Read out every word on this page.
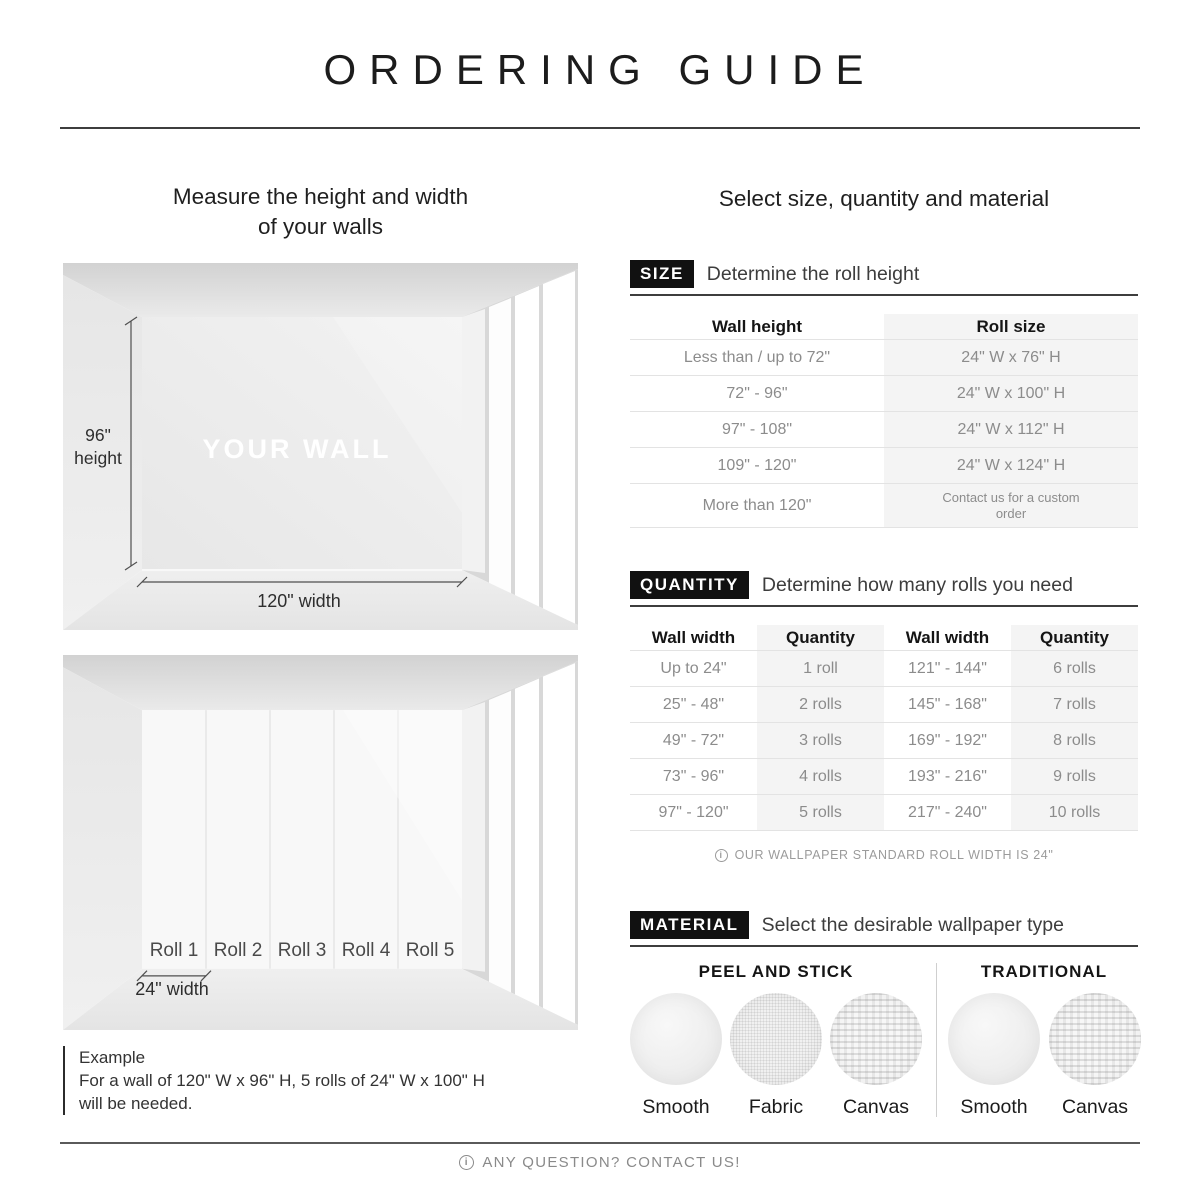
ORDERING GUIDE
Measure the height and width
of your walls
YOUR WALL
96"
height
120" width
Roll 1 Roll 2 Roll 3 Roll 4 Roll 5
24" width
Example
For a wall of 120" W x 96" H, 5 rolls of 24" W x 100" H
will be needed.
Select size, quantity and material
SIZE	Determine the roll height
Wall height	Roll size
Less than / up to 72"	24" W x 76" H
72" - 96"	24" W x 100" H
97" - 108"	24" W x 112" H
109" - 120"	24" W x 124" H
More than 120"	Contact us for a custom order
QUANTITY	Determine how many rolls you need
Wall width	Quantity	Wall width	Quantity
Up to 24"	1 roll	121" - 144"	6 rolls
25" - 48"	2 rolls	145" - 168"	7 rolls
49" - 72"	3 rolls	169" - 192"	8 rolls
73" - 96"	4 rolls	193" - 216"	9 rolls
97" - 120"	5 rolls	217" - 240"	10 rolls
i OUR WALLPAPER STANDARD ROLL WIDTH IS 24"
MATERIAL	Select the desirable wallpaper type
PEEL AND STICK	TRADITIONAL
Smooth	Fabric	Canvas	Smooth	Canvas
i ANY QUESTION? CONTACT US!
